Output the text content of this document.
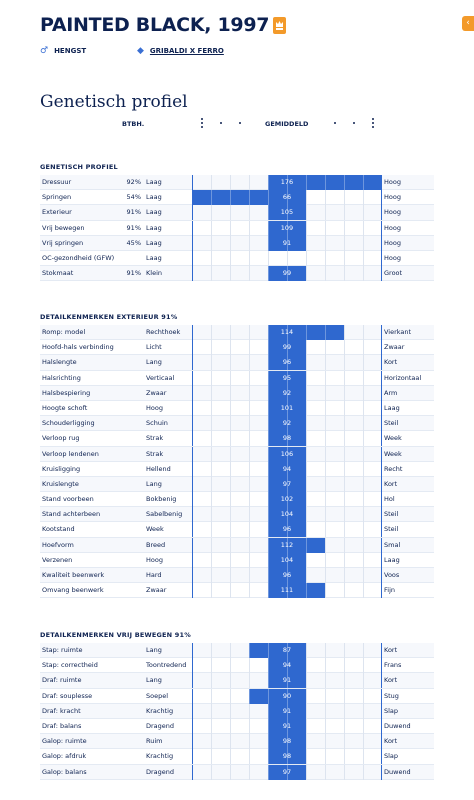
PAINTED BLACK, 1997
♂ HENGST	◆ GRIBALDI X FERRO
‹
Genetisch profiel
BTBH.	GEMIDDELD
GENETISCH PROFIEL
Dressuur	92% Laag	176	Hoog
Springen	54% Laag	66	Hoog
Exterieur	91% Laag	105	Hoog
Vrij bewegen	91% Laag	109	Hoog
Vrij springen	45% Laag	91	Hoog
OC-gezondheid (GFW)	Laag	Hoog
Stokmaat	91% Klein	99	Groot
DETAILKENMERKEN EXTERIEUR 91%
Romp: model	Rechthoek	114	Vierkant
Hoofd-hals verbinding	Licht	99	Zwaar
Halslengte	Lang	96	Kort
Halsrichting	Verticaal	95	Horizontaal
Halsbespiering	Zwaar	92	Arm
Hoogte schoft	Hoog	101	Laag
Schouderligging	Schuin	92	Steil
Verloop rug	Strak	98	Week
Verloop lendenen	Strak	106	Week
Kruisligging	Hellend	94	Recht
Kruislengte	Lang	97	Kort
Stand voorbeen	Bokbenig	102	Hol
Stand achterbeen	Sabelbenig	104	Steil
Kootstand	Week	96	Steil
Hoefvorm	Breed	112	Smal
Verzenen	Hoog	104	Laag
Kwaliteit beenwerk	Hard	96	Voos
Omvang beenwerk	Zwaar	111	Fijn
DETAILKENMERKEN VRIJ BEWEGEN 91%
Stap: ruimte	Lang	87	Kort
Stap: correctheid	Toontredend	94	Frans
Draf: ruimte	Lang	91	Kort
Draf: souplesse	Soepel	90	Stug
Draf: kracht	Krachtig	91	Slap
Draf: balans	Dragend	91	Duwend
Galop: ruimte	Ruim	98	Kort
Galop: afdruk	Krachtig	98	Slap
Galop: balans	Dragend	97	Duwend
